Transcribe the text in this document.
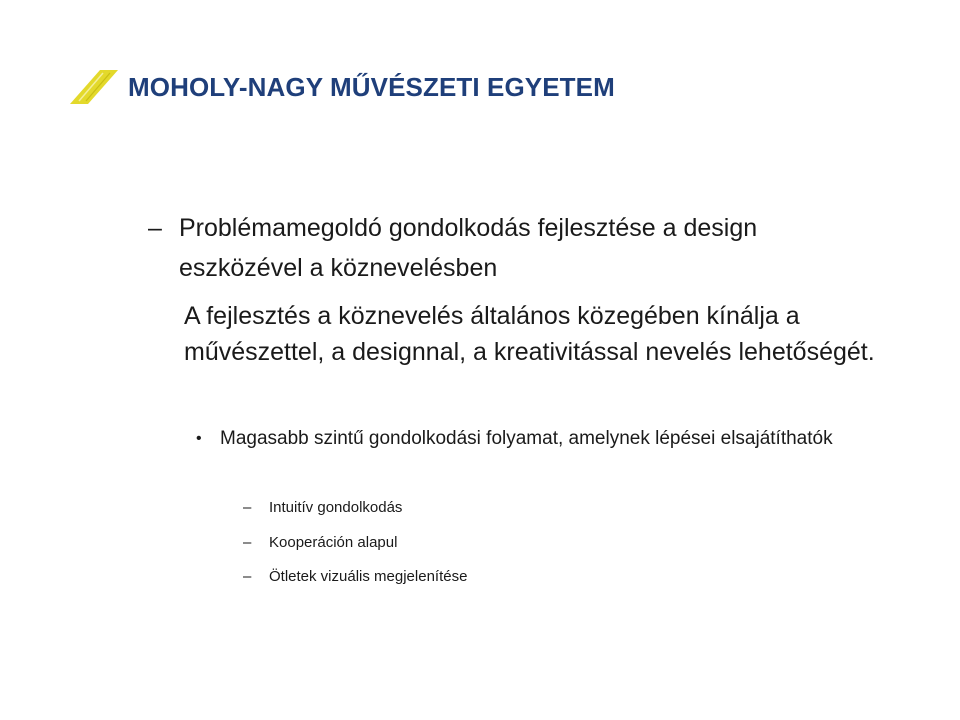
MOHOLY-NAGY MŰVÉSZETI EGYETEM
– Problémamegoldó gondolkodás fejlesztése a design eszközével a köznevelésben
A fejlesztés a köznevelés általános közegében kínálja a művészettel, a designnal, a kreativitással nevelés lehetőségét.
• Magasabb szintű gondolkodási folyamat, amelynek lépései elsajátíthatók
– Intuitív gondolkodás
– Kooperáción alapul
– Ötletek vizuális megjelenítése
